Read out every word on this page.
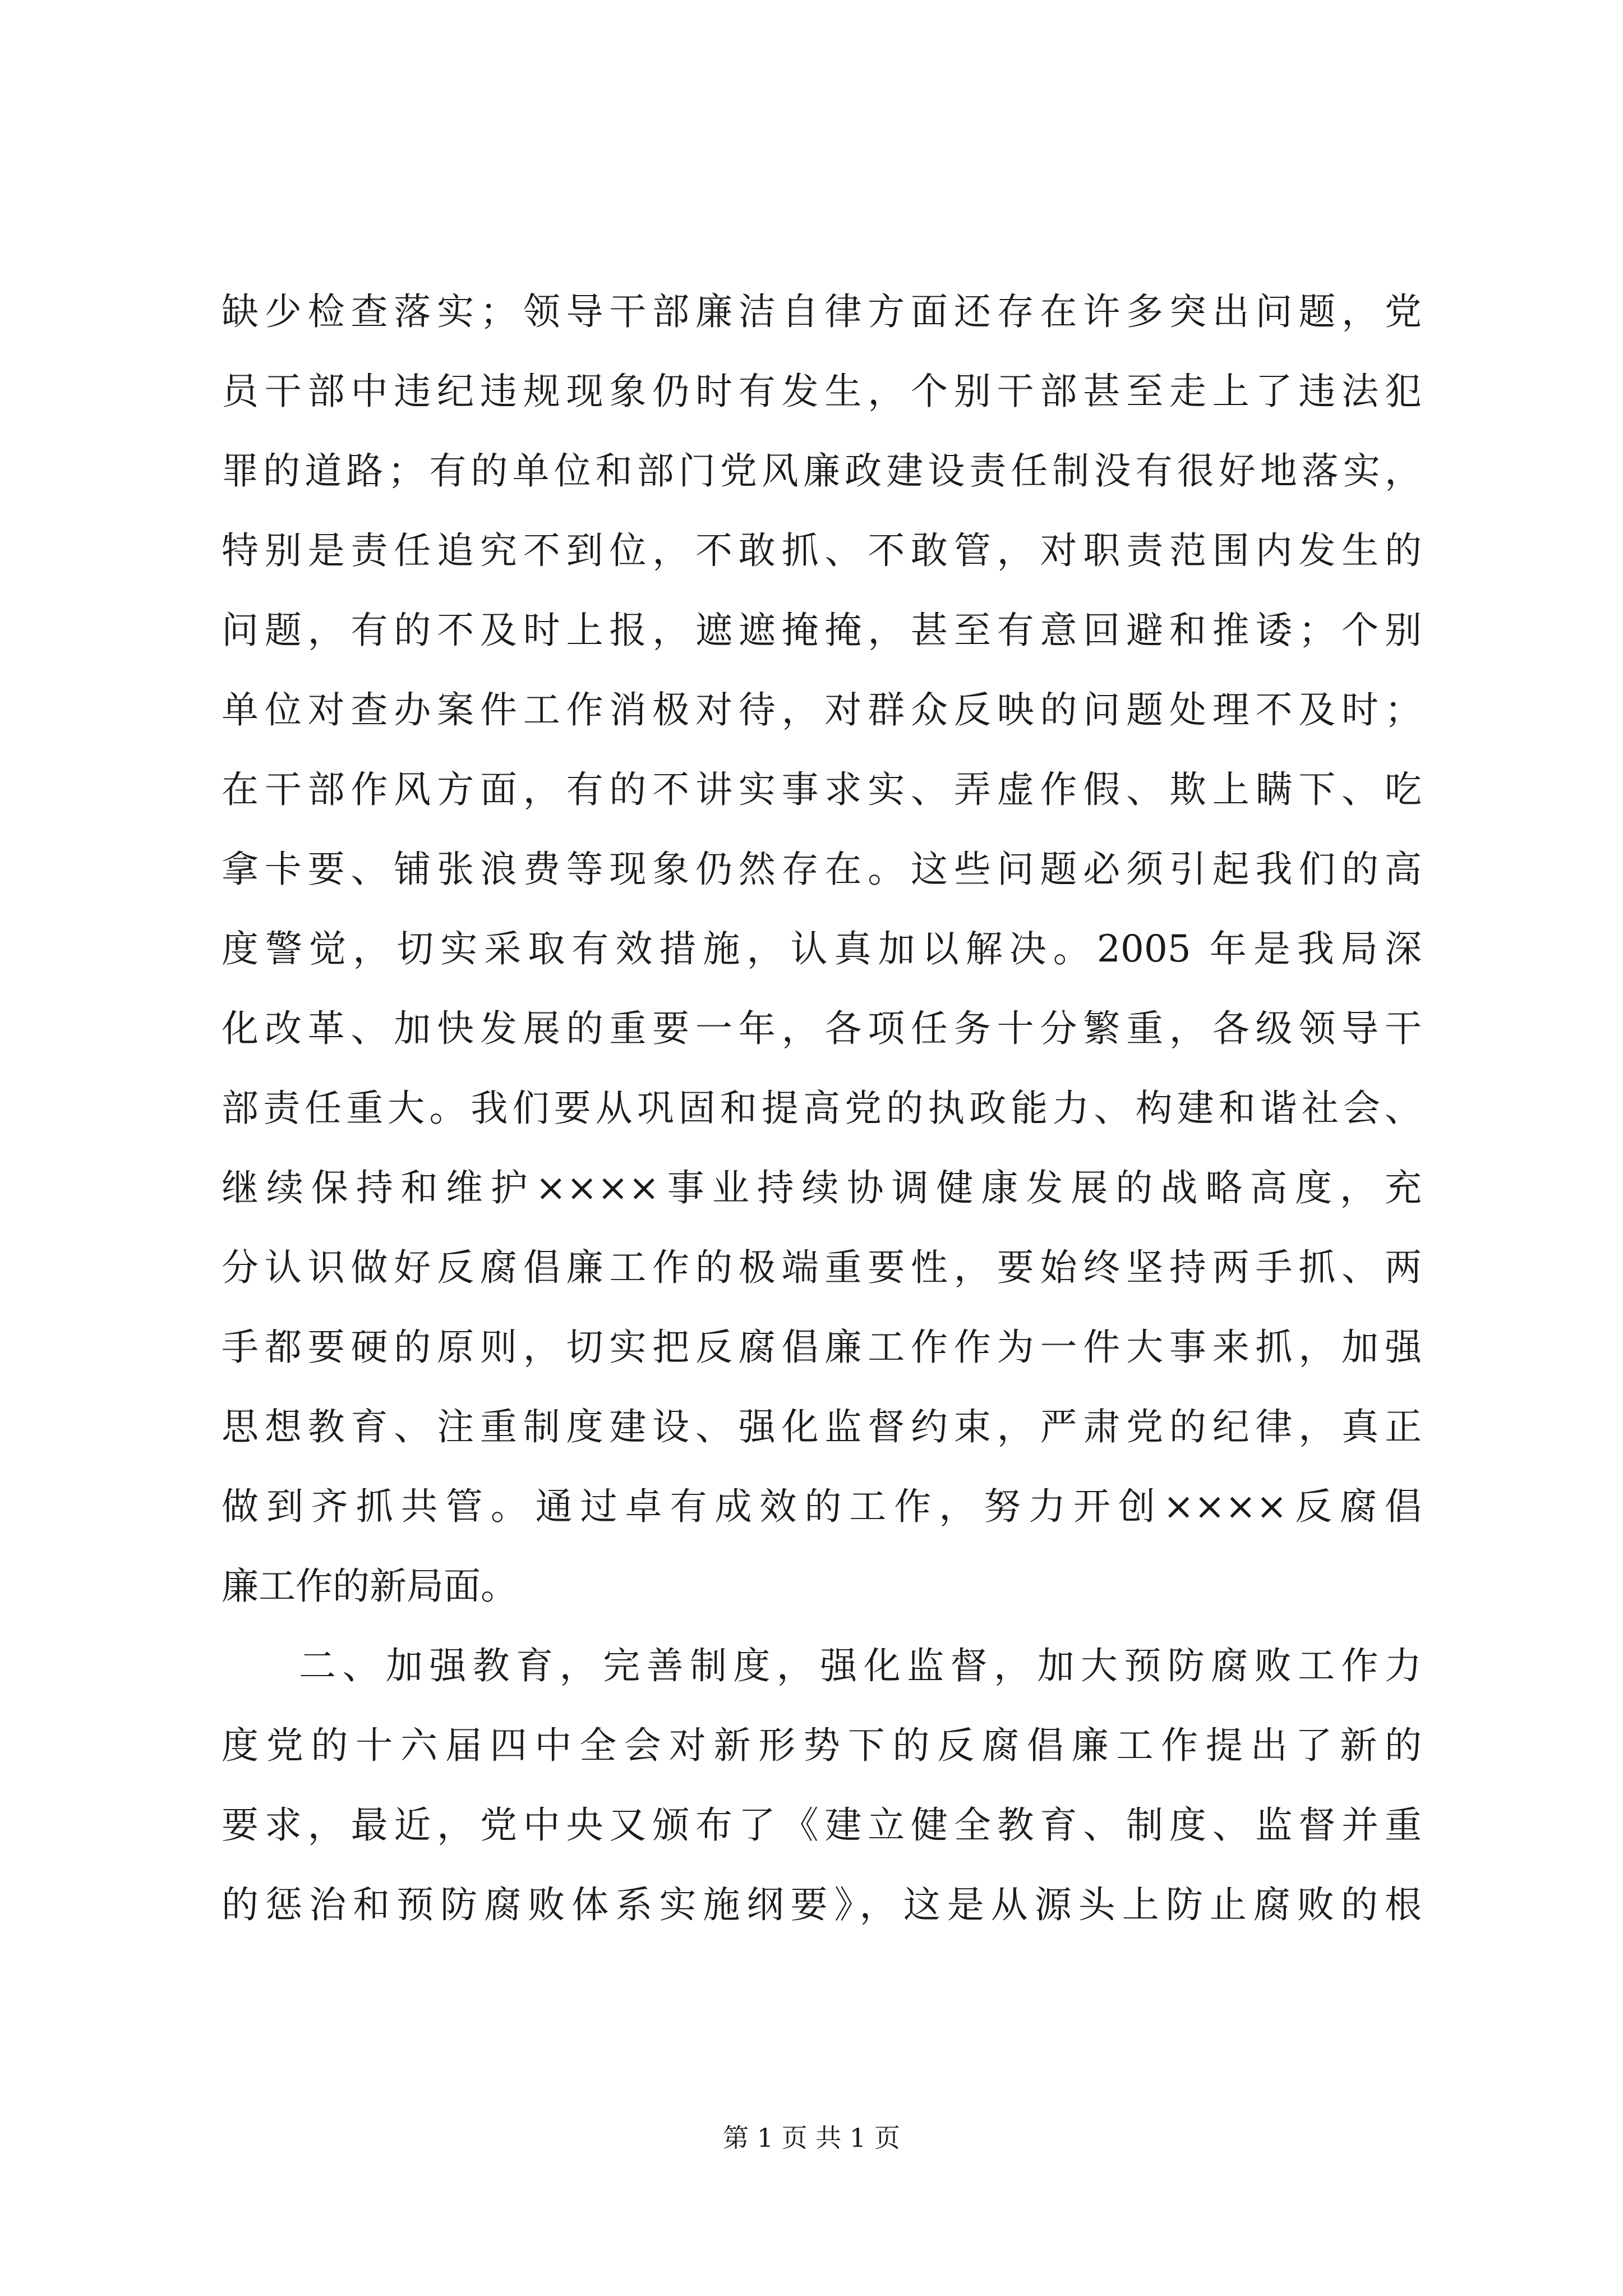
缺少检查落实；领导干部廉洁自律方面还存在许多突出问题，党
员干部中违纪违规现象仍时有发生，个别干部甚至走上了违法犯
罪的道路；有的单位和部门党风廉政建设责任制没有很好地落实，
特别是责任追究不到位，不敢抓、不敢管，对职责范围内发生的
问题，有的不及时上报，遮遮掩掩，甚至有意回避和推诿；个别
单位对查办案件工作消极对待，对群众反映的问题处理不及时；
在干部作风方面，有的不讲实事求实、弄虚作假、欺上瞒下、吃
拿卡要、铺张浪费等现象仍然存在。这些问题必须引起我们的高
度警觉，切实采取有效措施，认真加以解决。2005 年是我局深
化改革、加快发展的重要一年，各项任务十分繁重，各级领导干
部责任重大。我们要从巩固和提高党的执政能力、构建和谐社会、
继续保持和维护××××事业持续协调健康发展的战略高度，充
分认识做好反腐倡廉工作的极端重要性，要始终坚持两手抓、两
手都要硬的原则，切实把反腐倡廉工作作为一件大事来抓，加强
思想教育、注重制度建设、强化监督约束，严肃党的纪律，真正
做到齐抓共管。通过卓有成效的工作，努力开创××××反腐倡
廉工作的新局面。
二、加强教育，完善制度，强化监督，加大预防腐败工作力
度党的十六届四中全会对新形势下的反腐倡廉工作提出了新的
要求，最近，党中央又颁布了《建立健全教育、制度、监督并重
的惩治和预防腐败体系实施纲要》，这是从源头上防止腐败的根
第 1 页 共 1 页
